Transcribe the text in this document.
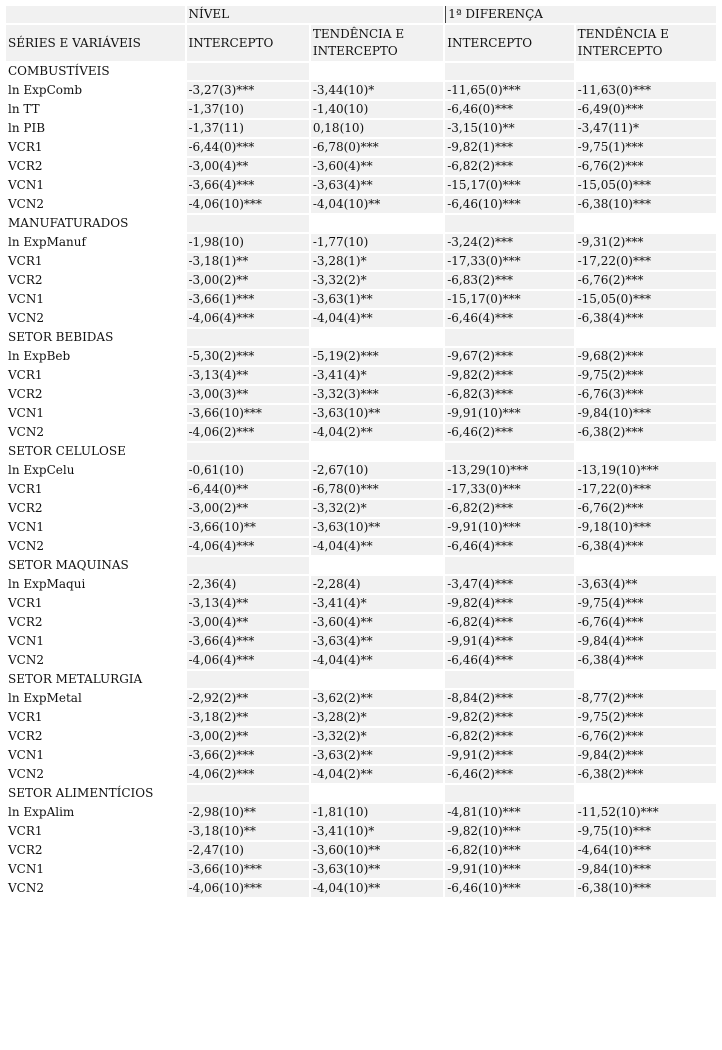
	NÍVEL		1ª DIFERENÇA	
SÉRIES E VARIÁVEIS	INTERCEPTO	TENDÊNCIA E INTERCEPTO	INTERCEPTO	TENDÊNCIA E INTERCEPTO
COMBUSTÍVEIS				
ln ExpComb	-3,27(3)***	-3,44(10)*	-11,65(0)***	-11,63(0)***
ln TT	-1,37(10)	-1,40(10)	-6,46(0)***	-6,49(0)***
ln PIB	-1,37(11)	0,18(10)	-3,15(10)**	-3,47(11)*
VCR1	-6,44(0)***	-6,78(0)***	-9,82(1)***	-9,75(1)***
VCR2	-3,00(4)**	-3,60(4)**	-6,82(2)***	-6,76(2)***
VCN1	-3,66(4)***	-3,63(4)**	-15,17(0)***	-15,05(0)***
VCN2	-4,06(10)***	-4,04(10)**	-6,46(10)***	-6,38(10)***
MANUFATURADOS				
ln ExpManuf	-1,98(10)	-1,77(10)	-3,24(2)***	-9,31(2)***
VCR1	-3,18(1)**	-3,28(1)*	-17,33(0)***	-17,22(0)***
VCR2	-3,00(2)**	-3,32(2)*	-6,83(2)***	-6,76(2)***
VCN1	-3,66(1)***	-3,63(1)**	-15,17(0)***	-15,05(0)***
VCN2	-4,06(4)***	-4,04(4)**	-6,46(4)***	-6,38(4)***
SETOR BEBIDAS				
ln ExpBeb	-5,30(2)***	-5,19(2)***	-9,67(2)***	-9,68(2)***
VCR1	-3,13(4)**	-3,41(4)*	-9,82(2)***	-9,75(2)***
VCR2	-3,00(3)**	-3,32(3)***	-6,82(3)***	-6,76(3)***
VCN1	-3,66(10)***	-3,63(10)**	-9,91(10)***	-9,84(10)***
VCN2	-4,06(2)***	-4,04(2)**	-6,46(2)***	-6,38(2)***
SETOR CELULOSE				
ln ExpCelu	-0,61(10)	-2,67(10)	-13,29(10)***	-13,19(10)***
VCR1	-6,44(0)**	-6,78(0)***	-17,33(0)***	-17,22(0)***
VCR2	-3,00(2)**	-3,32(2)*	-6,82(2)***	-6,76(2)***
VCN1	-3,66(10)**	-3,63(10)**	-9,91(10)***	-9,18(10)***
VCN2	-4,06(4)***	-4,04(4)**	-6,46(4)***	-6,38(4)***
SETOR MAQUINAS				
ln ExpMaqui	-2,36(4)	-2,28(4)	-3,47(4)***	-3,63(4)**
VCR1	-3,13(4)**	-3,41(4)*	-9,82(4)***	-9,75(4)***
VCR2	-3,00(4)**	-3,60(4)**	-6,82(4)***	-6,76(4)***
VCN1	-3,66(4)***	-3,63(4)**	-9,91(4)***	-9,84(4)***
VCN2	-4,06(4)***	-4,04(4)**	-6,46(4)***	-6,38(4)***
SETOR METALURGIA				
ln ExpMetal	-2,92(2)**	-3,62(2)**	-8,84(2)***	-8,77(2)***
VCR1	-3,18(2)**	-3,28(2)*	-9,82(2)***	-9,75(2)***
VCR2	-3,00(2)**	-3,32(2)*	-6,82(2)***	-6,76(2)***
VCN1	-3,66(2)***	-3,63(2)**	-9,91(2)***	-9,84(2)***
VCN2	-4,06(2)***	-4,04(2)**	-6,46(2)***	-6,38(2)***
SETOR ALIMENTÍCIOS				
ln ExpAlim	-2,98(10)**	-1,81(10)	-4,81(10)***	-11,52(10)***
VCR1	-3,18(10)**	-3,41(10)*	-9,82(10)***	-9,75(10)***
VCR2	-2,47(10)	-3,60(10)**	-6,82(10)***	-4,64(10)***
VCN1	-3,66(10)***	-3,63(10)**	-9,91(10)***	-9,84(10)***
VCN2	-4,06(10)***	-4,04(10)**	-6,46(10)***	-6,38(10)***
